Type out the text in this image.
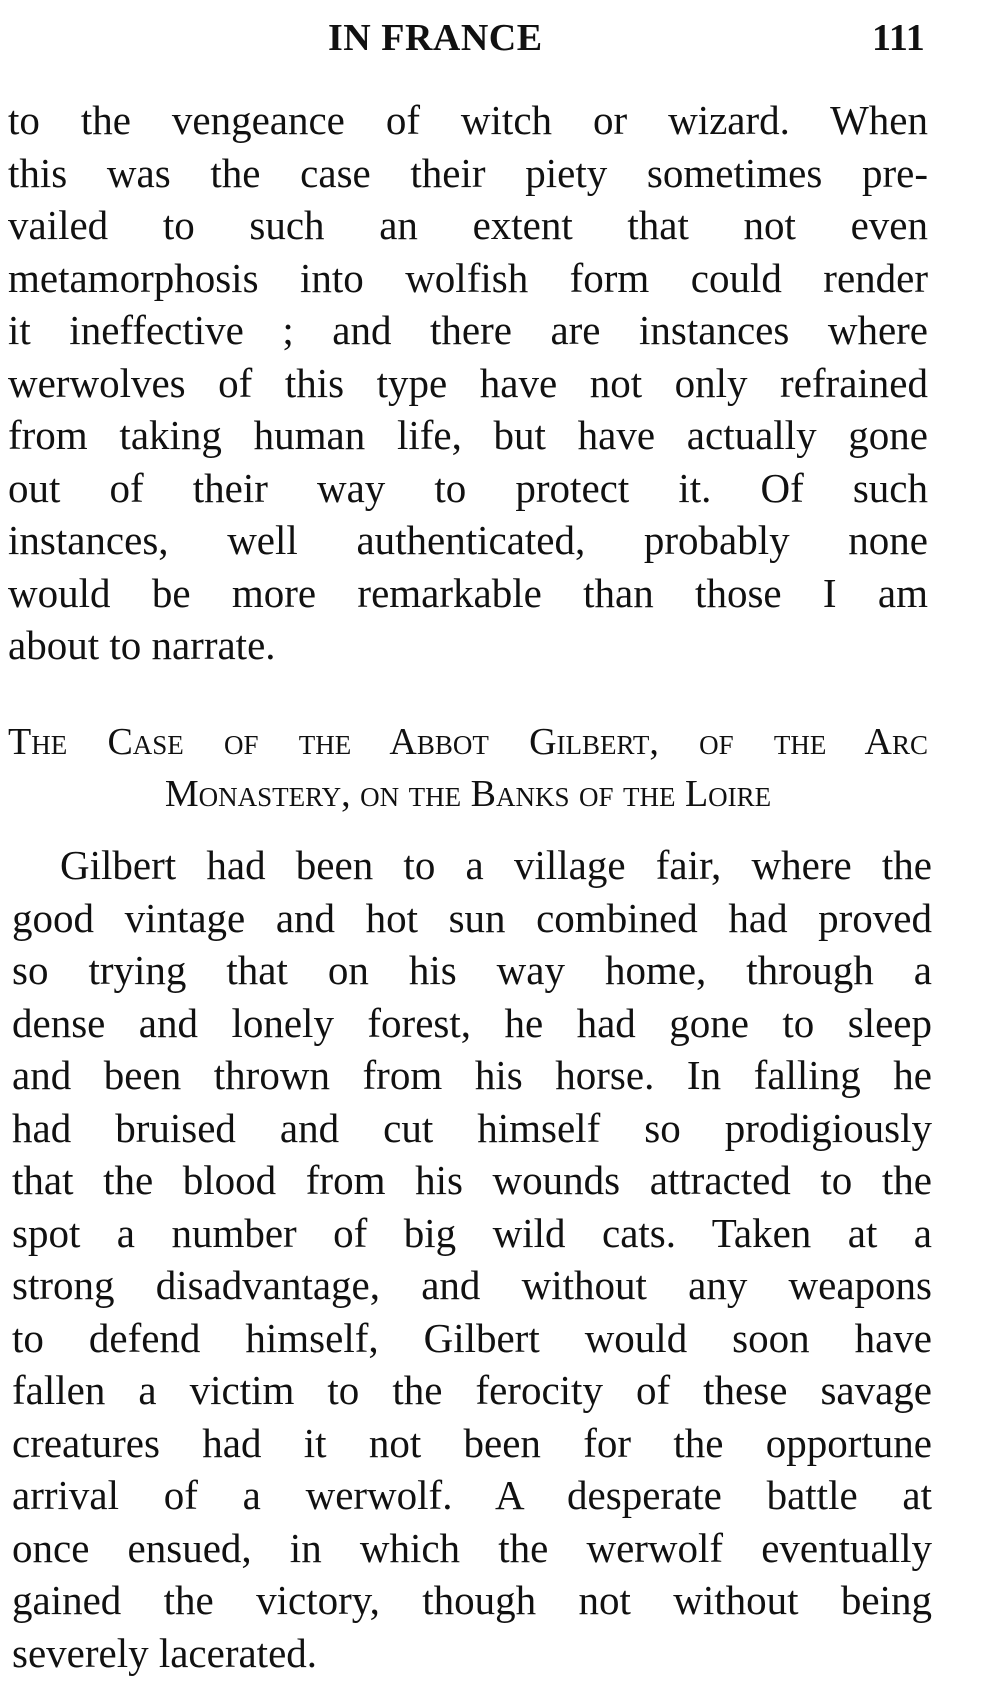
IN FRANCE	111
to the vengeance of witch or wizard. When
this was the case their piety sometimes pre-
vailed to such an extent that not even
metamorphosis into wolfish form could render
it ineffective ; and there are instances where
werwolves of this type have not only refrained
from taking human life, but have actually gone
out of their way to protect it. Of such
instances, well authenticated, probably none
would be more remarkable than those I am
about to narrate.
The Case of the Abbot Gilbert, of the Arc
Monastery, on the Banks of the Loire
Gilbert had been to a village fair, where the
good vintage and hot sun combined had proved
so trying that on his way home, through a
dense and lonely forest, he had gone to sleep
and been thrown from his horse. In falling he
had bruised and cut himself so prodigiously
that the blood from his wounds attracted to the
spot a number of big wild cats. Taken at a
strong disadvantage, and without any weapons
to defend himself, Gilbert would soon have
fallen a victim to the ferocity of these savage
creatures had it not been for the opportune
arrival of a werwolf. A desperate battle at
once ensued, in which the werwolf eventually
gained the victory, though not without being
severely lacerated.
